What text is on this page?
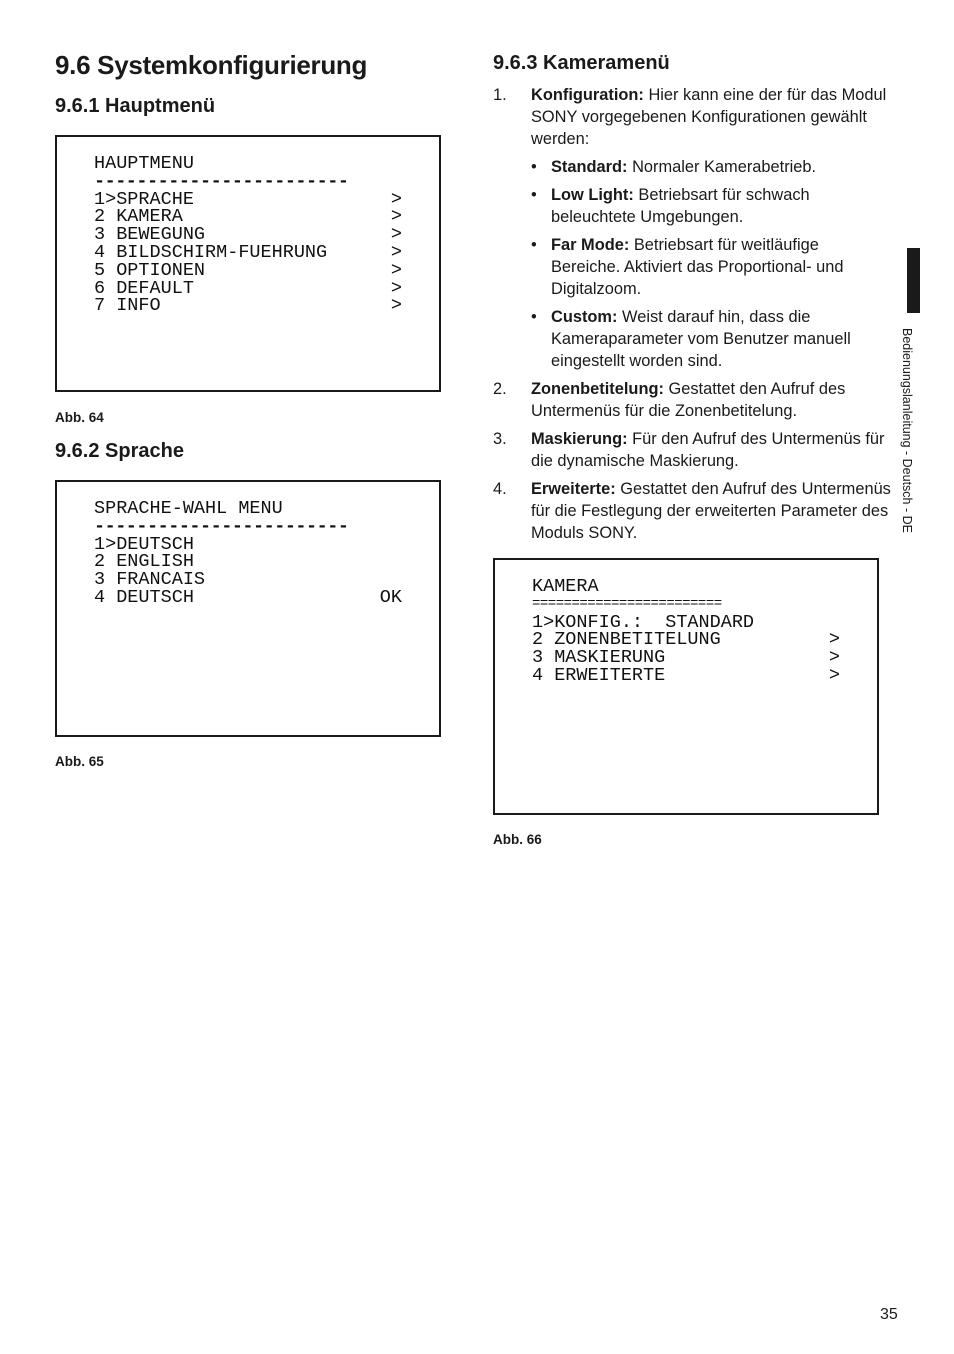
9.6 Systemkonfigurierung
9.6.1 Hauptmenü
HAUPTMENU
------------------------
1>SPRACHE	>
2 KAMERA	>
3 BEWEGUNG	>
4 BILDSCHIRM-FUEHRUNG	>
5 OPTIONEN	>
6 DEFAULT	>
7 INFO	>
Abb. 64
9.6.2 Sprache
SPRACHE-WAHL MENU
------------------------
1>DEUTSCH
2 ENGLISH
3 FRANCAIS
4 DEUTSCH	OK
Abb. 65
9.6.3 Kameramenü
1. Konfiguration: Hier kann eine der für das Modul SONY vorgegebenen Konfigurationen gewählt werden:
• Standard: Normaler Kamerabetrieb.
• Low Light: Betriebsart für schwach beleuchtete Umgebungen.
• Far Mode: Betriebsart für weitläufige Bereiche. Aktiviert das Proportional- und Digitalzoom.
• Custom: Weist darauf hin, dass die Kameraparameter vom Benutzer manuell eingestellt worden sind.
2. Zonenbetitelung: Gestattet den Aufruf des Untermenüs für die Zonenbetitelung.
3. Maskierung: Für den Aufruf des Untermenüs für die dynamische Maskierung.
4. Erweiterte: Gestattet den Aufruf des Untermenüs für die Festlegung der erweiterten Parameter des Moduls SONY.
KAMERA
========================
1>KONFIG.:  STANDARD
2 ZONENBETITELUNG	>
3 MASKIERUNG	>
4 ERWEITERTE	>
Abb. 66
Bedienungslanleitung - Deutsch - DE
35
